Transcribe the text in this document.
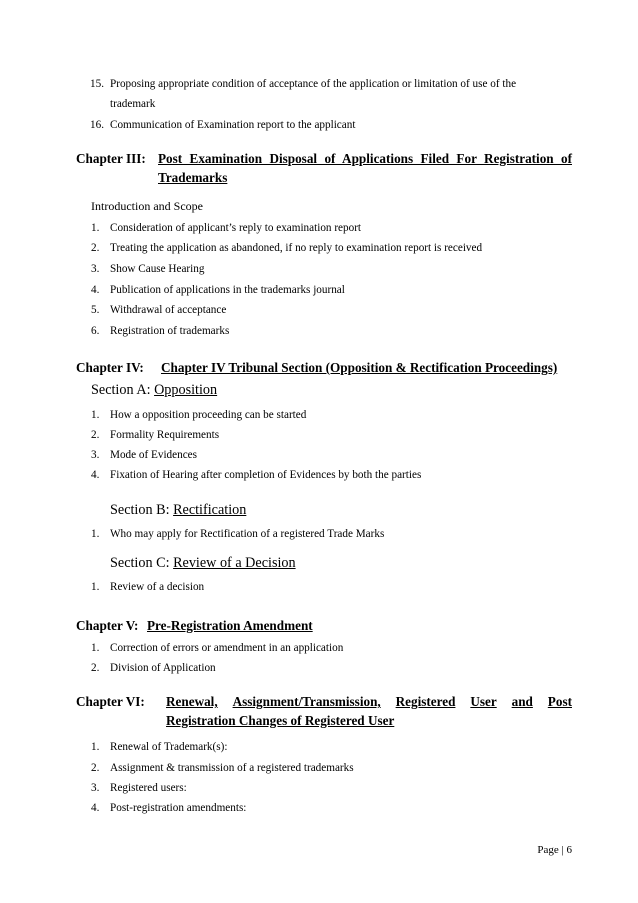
15. Proposing appropriate condition of acceptance of the application or limitation of use of the
trademark
16. Communication of Examination report to the applicant
Chapter III: Post Examination Disposal of Applications Filed For Registration of
Trademarks
Introduction and Scope
1. Consideration of applicant’s reply to examination report
2. Treating the application as abandoned, if no reply to examination report is received
3. Show Cause Hearing
4. Publication of applications in the trademarks journal
5. Withdrawal of acceptance
6. Registration of trademarks
Chapter IV: Chapter IV Tribunal Section (Opposition & Rectification Proceedings)
Section A: Opposition
1. How a opposition proceeding can be started
2. Formality Requirements
3. Mode of Evidences
4. Fixation of Hearing after completion of Evidences by both the parties
Section B: Rectification
1. Who may apply for Rectification of a registered Trade Marks
Section C: Review of a Decision
1. Review of a decision
Chapter V: Pre-Registration Amendment
1. Correction of errors or amendment in an application
2. Division of Application
Chapter VI: Renewal, Assignment/Transmission, Registered User and Post
Registration Changes of Registered User
1. Renewal of Trademark(s):
2. Assignment & transmission of a registered trademarks
3. Registered users:
4. Post-registration amendments:
Page | 6
